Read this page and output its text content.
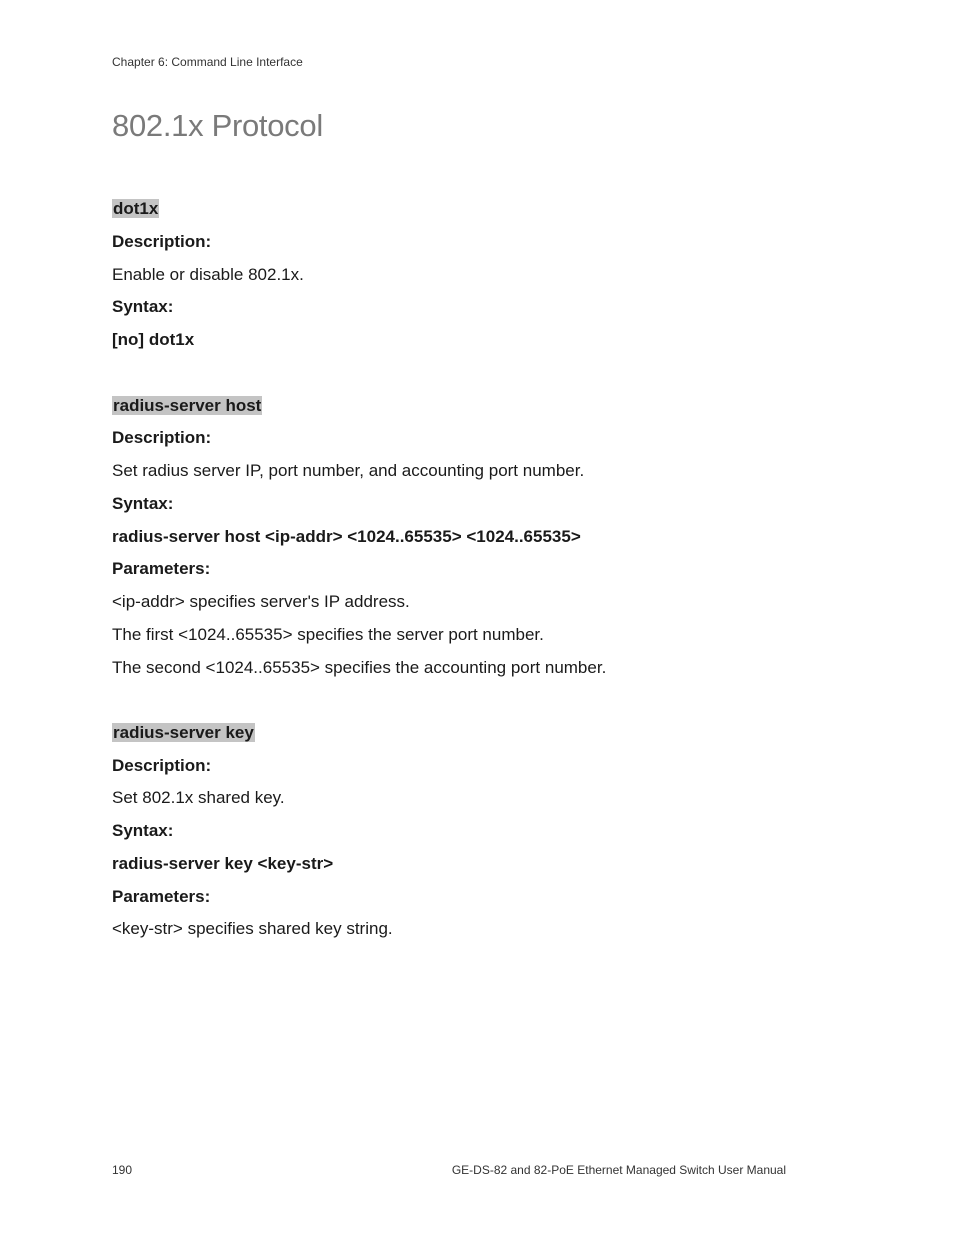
Chapter 6: Command Line Interface
802.1x Protocol
dot1x
Description:
Enable or disable 802.1x.
Syntax:
[no] dot1x
radius-server host
Description:
Set radius server IP, port number, and accounting port number.
Syntax:
radius-server host <ip-addr> <1024..65535> <1024..65535>
Parameters:
<ip-addr> specifies server's IP address.
The first <1024..65535> specifies the server port number.
The second <1024..65535> specifies the accounting port number.
radius-server key
Description:
Set 802.1x shared key.
Syntax:
radius-server key <key-str>
Parameters:
<key-str> specifies shared key string.
190	GE-DS-82 and 82-PoE Ethernet Managed Switch User Manual
